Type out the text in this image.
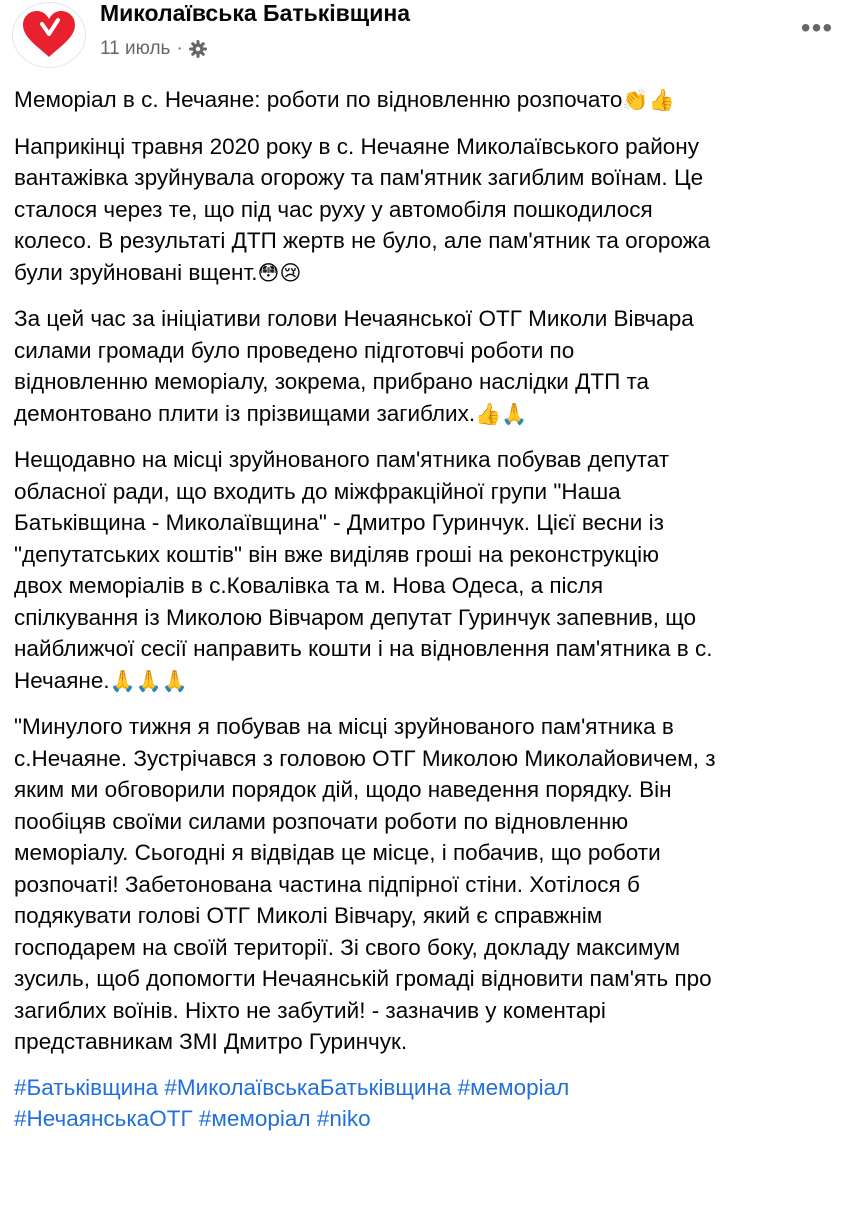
Миколаївська Батьківщина
11 июль ·
•••
Меморіал в с. Нечаяне: роботи по відновленню розпочато👏👍
Наприкінці травня 2020 року в с. Нечаяне Миколаївського району
вантажівка зруйнувала огорожу та пам'ятник загиблим воїнам. Це
сталося через те, що під час руху у автомобіля пошкодилося
колесо. В результаті ДТП жертв не було, але пам'ятник та огорожа
були зруйновані вщент.😳😢
За цей час за ініціативи голови Нечаянської ОТГ Миколи Вівчара
силами громади було проведено підготовчі роботи по
відновленню меморіалу, зокрема, прибрано наслідки ДТП та
демонтовано плити із прізвищами загиблих.👍🙏
Нещодавно на місці зруйнованого пам'ятника побував депутат
обласної ради, що входить до міжфракційної групи "Наша
Батьківщина - Миколаївщина" - Дмитро Гуринчук. Цієї весни із
"депутатських коштів" він вже виділяв гроші на реконструкцію
двох меморіалів в с.Ковалівка та м. Нова Одеса, а після
спілкування із Миколою Вівчаром депутат Гуринчук запевнив, що
найближчої сесії направить кошти і на відновлення пам'ятника в с.
Нечаяне.🙏🙏🙏
"Минулого тижня я побував на місці зруйнованого пам'ятника в
с.Нечаяне. Зустрічався з головою ОТГ Миколою Миколайовичем, з
яким ми обговорили порядок дій, щодо наведення порядку. Він
пообіцяв своїми силами розпочати роботи по відновленню
меморіалу. Сьогодні я відвідав це місце, і побачив, що роботи
розпочаті! Забетонована частина підпірної стіни. Хотілося б
подякувати голові ОТГ Миколі Вівчару, який є справжнім
господарем на своїй території. Зі свого боку, докладу максимум
зусиль, щоб допомогти Нечаянській громаді відновити пам'ять про
загиблих воїнів. Ніхто не забутий! - зазначив у коментарі
представникам ЗМІ Дмитро Гуринчук.
#Батьківщина #МиколаївськаБатьківщина #меморіал
#НечаянськаОТГ #меморіал #niko
